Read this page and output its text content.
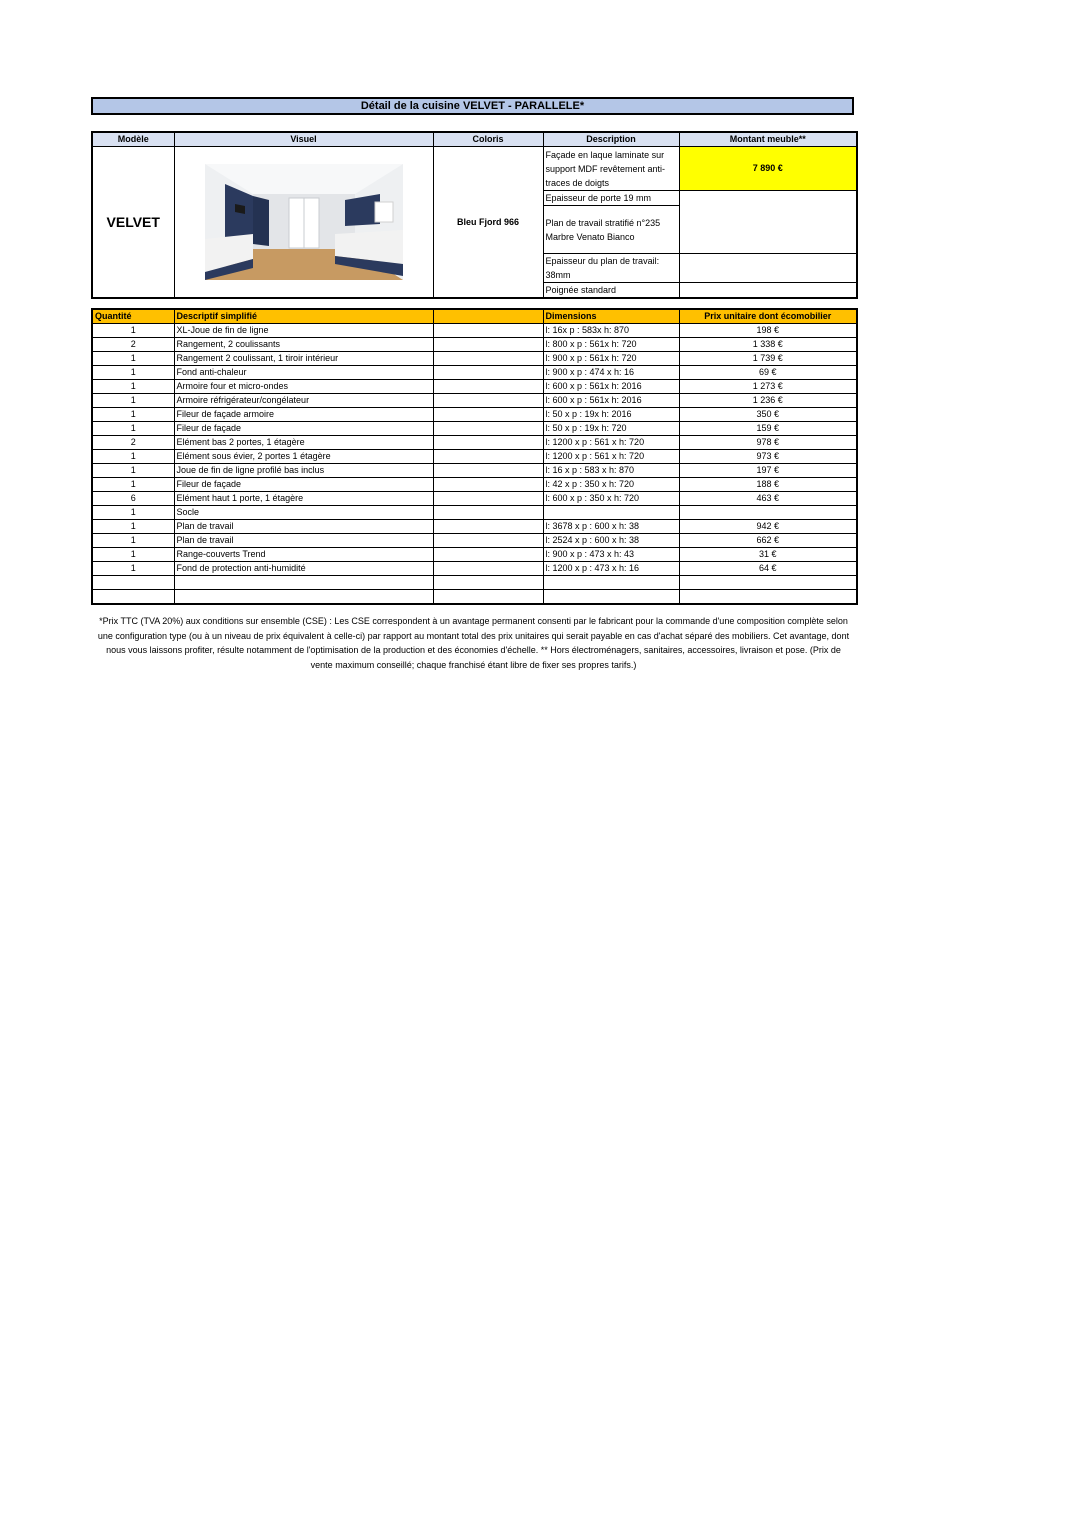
Détail de la cuisine VELVET - PARALLELE*
Modèle	Visuel	Coloris	Description	Montant meuble**
VELVET		Bleu Fjord 966	Façade en laque laminate sur support MDF revêtement anti-traces de doigts	7 890 €
			Epaisseur de porte 19 mm	
			Plan de travail stratifié n°235 Marbre Venato Bianco	
			Epaisseur du plan de travail: 38mm	
			Poignée standard	
Quantité	Descriptif simplifié		Dimensions	Prix unitaire dont écomobilier
1	XL-Joue de fin de ligne		l: 16x p : 583x h: 870	198 €
2	Rangement, 2 coulissants		l: 800 x p : 561x h: 720	1 338 €
1	Rangement 2 coulissant, 1 tiroir intérieur		l: 900 x p : 561x h: 720	1 739 €
1	Fond anti-chaleur		l: 900 x p : 474 x h: 16	69 €
1	Armoire four et micro-ondes		l: 600 x p : 561x h: 2016	1 273 €
1	Armoire réfrigérateur/congélateur		l: 600 x p : 561x h: 2016	1 236 €
1	Fileur de façade armoire		l: 50 x p : 19x h: 2016	350 €
1	Fileur de façade		l: 50 x p : 19x h: 720	159 €
2	Elément bas 2 portes, 1 étagère		l: 1200 x p : 561 x h: 720	978 €
1	Elément sous évier, 2 portes 1 étagère		l: 1200 x p : 561 x h: 720	973 €
1	Joue de fin de ligne profilé bas inclus		l: 16 x p : 583 x h: 870	197 €
1	Fileur de façade		l: 42 x p : 350 x h: 720	188 €
6	Elément haut 1 porte, 1 étagère		l: 600 x p : 350 x h: 720	463 €
1	Socle			
1	Plan de travail		l: 3678 x p : 600 x h: 38	942 €
1	Plan de travail		l: 2524 x p : 600 x h: 38	662 €
1	Range-couverts Trend		l: 900 x p : 473 x h: 43	31 €
1	Fond de protection anti-humidité		l: 1200 x p : 473 x h: 16	64 €

*Prix TTC (TVA 20%) aux conditions sur ensemble (CSE) : Les CSE correspondent à un avantage permanent consenti par le fabricant pour la commande d'une composition complète selon une configuration type (ou à un niveau de prix équivalent à celle-ci) par rapport au montant total des prix unitaires qui serait payable en cas d'achat séparé des mobiliers. Cet avantage, dont nous vous laissons profiter, résulte notamment de l'optimisation de la production et des économies d'échelle. ** Hors électroménagers, sanitaires, accessoires, livraison et pose. (Prix de vente maximum conseillé; chaque franchisé étant libre de fixer ses propres tarifs.)
